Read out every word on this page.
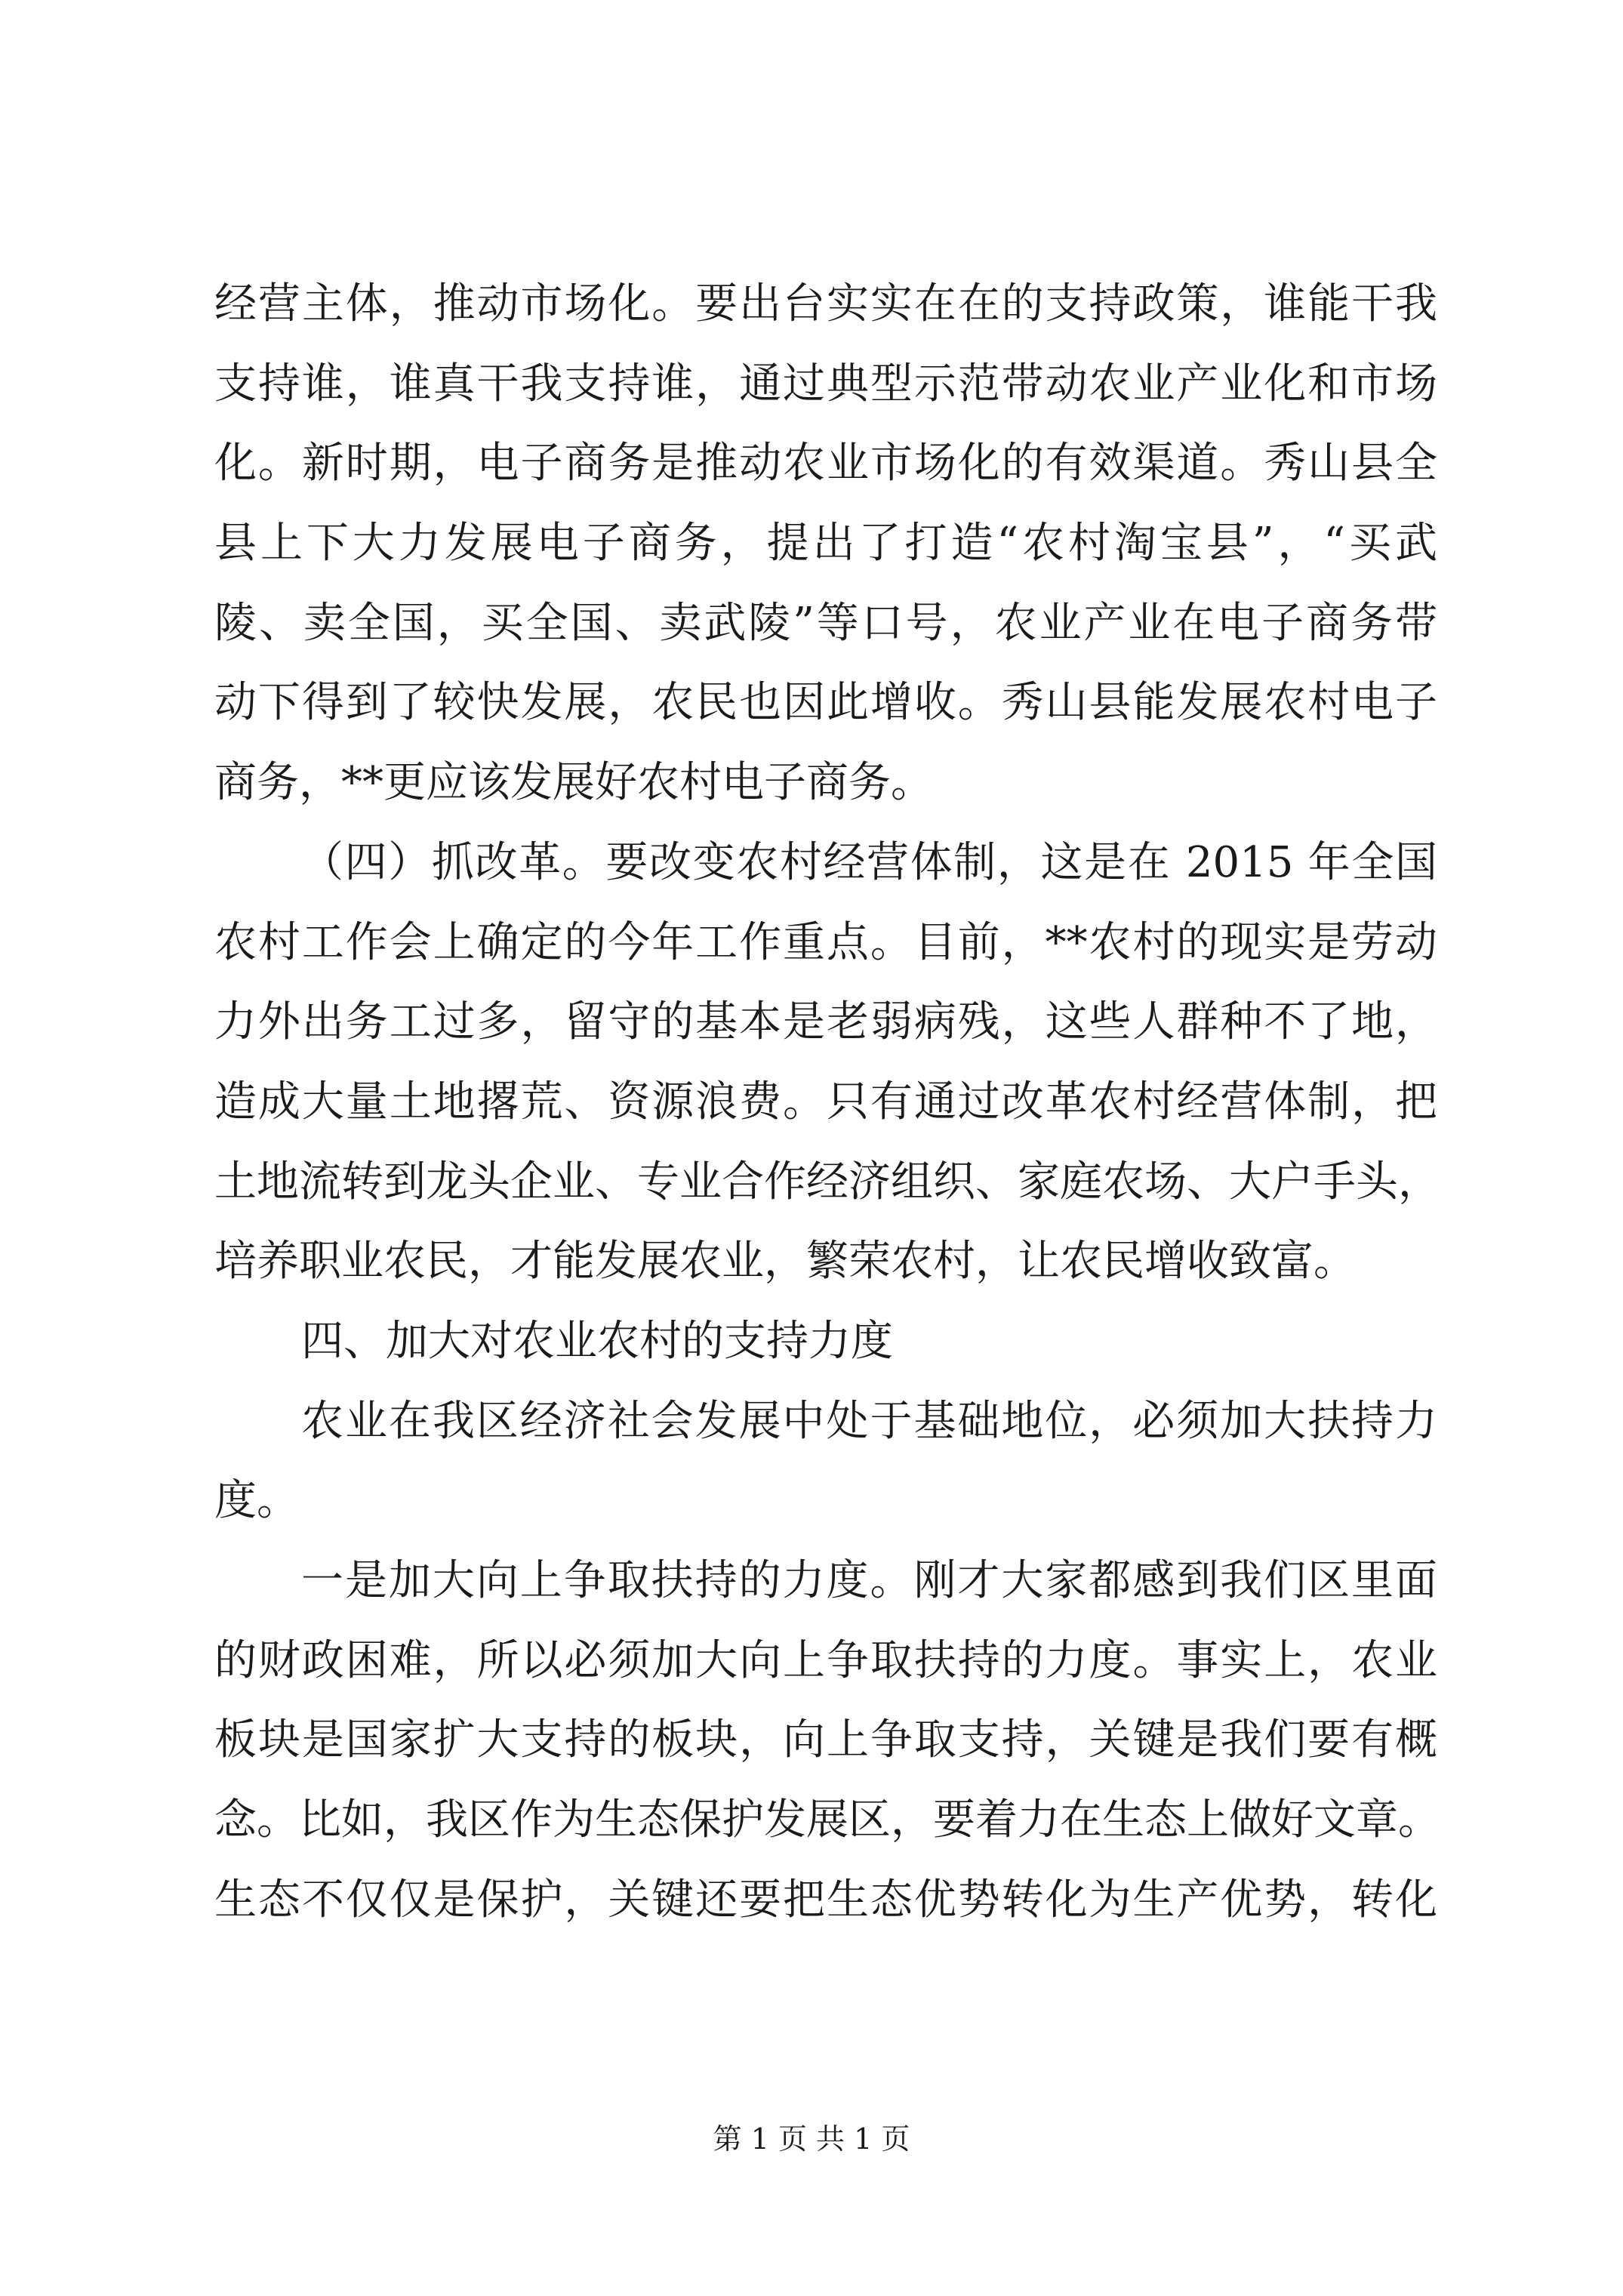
经营主体，推动市场化。要出台实实在在的支持政策，谁能干我
支持谁，谁真干我支持谁，通过典型示范带动农业产业化和市场
化。新时期，电子商务是推动农业市场化的有效渠道。秀山县全
县上下大力发展电子商务，提出了打造“农村淘宝县”，“买武
陵、卖全国，买全国、卖武陵”等口号，农业产业在电子商务带
动下得到了较快发展，农民也因此增收。秀山县能发展农村电子
商务，**更应该发展好农村电子商务。
（四）抓改革。要改变农村经营体制，这是在 2015 年全国
农村工作会上确定的今年工作重点。目前，**农村的现实是劳动
力外出务工过多，留守的基本是老弱病残，这些人群种不了地，
造成大量土地撂荒、资源浪费。只有通过改革农村经营体制，把
土地流转到龙头企业、专业合作经济组织、家庭农场、大户手头，
培养职业农民，才能发展农业，繁荣农村，让农民增收致富。
四、加大对农业农村的支持力度
农业在我区经济社会发展中处于基础地位，必须加大扶持力
度。
一是加大向上争取扶持的力度。刚才大家都感到我们区里面
的财政困难，所以必须加大向上争取扶持的力度。事实上，农业
板块是国家扩大支持的板块，向上争取支持，关键是我们要有概
念。比如，我区作为生态保护发展区，要着力在生态上做好文章。
生态不仅仅是保护，关键还要把生态优势转化为生产优势，转化
第 1 页 共 1 页
